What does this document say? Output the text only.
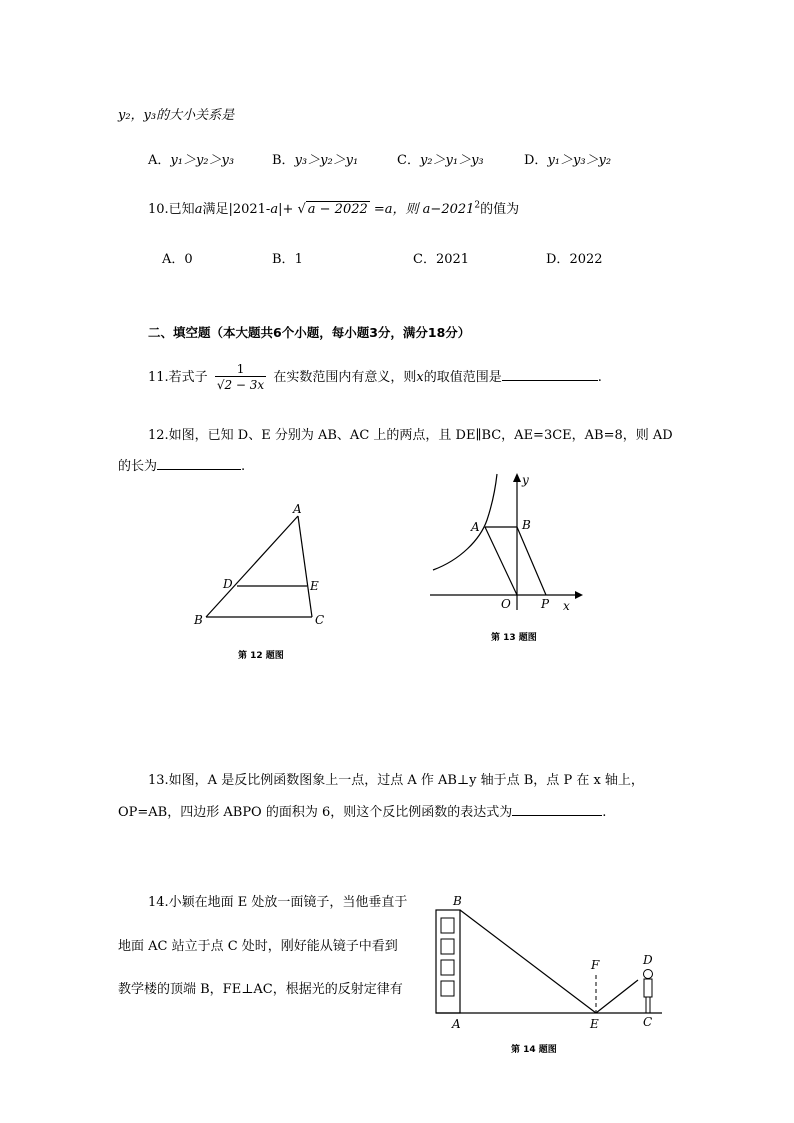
y₂，y₃的大小关系是
A．y₁＞y₂＞y₃	B．y₃＞y₂＞y₁	C．y₂＞y₁＞y₃	D．y₁＞y₃＞y₂
10.已知a满足|2021-a|+ √ a − 2022 =a，则 $a-2021^2$的值为
A．0	B．1	C．2021	D．2022
二、填空题（本大题共6个小题，每小题3分，满分18分）
11.若式子 $\frac{1}{√2 - 3x}$ 在实数范围内有意义，则x的取值范围是	.
12.如图，已知 D、E 分别为 AB、AC 上的两点，且 DE∥BC，AE=3CE，AB=8，则 AD
的长为	.
A
B	C
D	E
第 12 题图
A	B
O	P x
y
第 13 题图
13.如图，A 是反比例函数图象上一点，过点 A 作 AB⊥y 轴于点 B，点 P 在 x 轴上，
OP=AB，四边形 ABPO 的面积为 6，则这个反比例函数的表达式为	.
14.小颖在地面 E 处放一面镜子，当他垂直于
地面 AC 站立于点 C 处时，刚好能从镜子中看到
教学楼的顶端 B，FE⊥AC，根据光的反射定律有
B
A	E	C
D
F
第 14 题图
